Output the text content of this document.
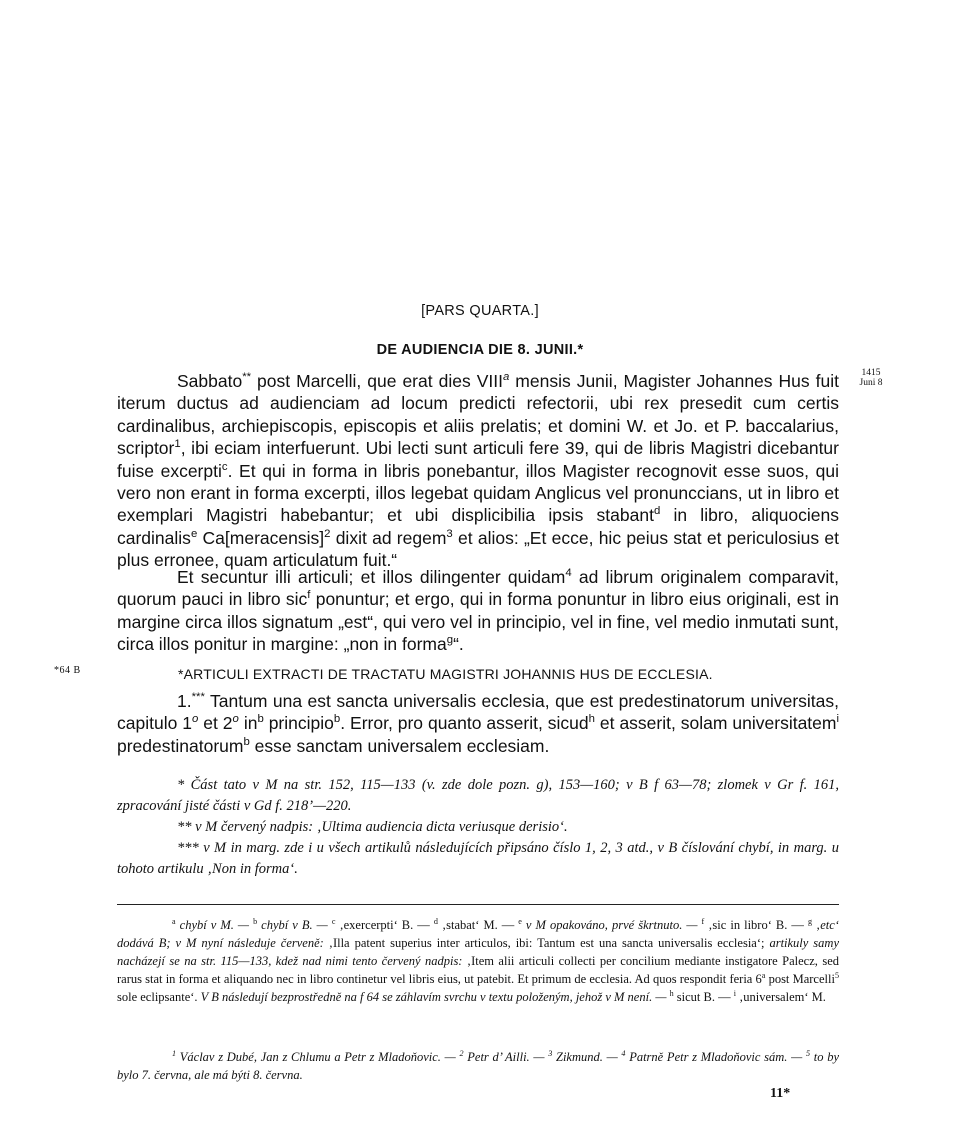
[PARS QUARTA.]
DE AUDIENCIA DIE 8. JUNII.*
1415
Juni 8
*64 B

Sabbato** post Marcelli, que erat dies VIII$^a$ mensis Junii, Magister Johannes Hus fuit iterum ductus ad audienciam ad locum predicti refectorii, ubi rex presedit cum certis cardinalibus, archiepiscopis, episcopis et aliis prelatis; et domini W. et Jo. et P. baccalarius, scriptor$^1$, ibi eciam interfuerunt. Ubi lecti sunt articuli fere 39, qui de libris Magistri dicebantur fuise excerpti$^c$. Et qui in forma in libris ponebantur, illos Magister recognovit esse suos, qui vero non erant in forma excerpti, illos legebat quidam Anglicus vel pronunccians, ut in libro et exemplari Magistri habebantur; et ubi displicibilia ipsis stabant$^d$ in libro, aliquociens cardinalis$^e$ Ca[meracensis]$^2$ dixit ad regem$^3$ et alios: „Et ecce, hic peius stat et periculosius et plus erronee, quam articulatum fuit.“

Et secuntur illi articuli; et illos dilingenter quidam$^4$ ad librum originalem comparavit, quorum pauci in libro sic$^f$ ponuntur; et ergo, qui in forma ponuntur in libro eius originali, est in margine circa illos signatum „est“, qui vero vel in principio, vel in fine, vel medio inmutati sunt, circa illos ponitur in margine: „non in forma$^g$“.

*ARTICULI EXTRACTI DE TRACTATU MAGISTRI JOHANNIS HUS DE ECCLESIA.

1.*** Tantum una est sancta universalis ecclesia, que est predestinatorum universitas, capitulo 1$^o$ et 2$^o$ $in^b$ principio$^b$. Error, pro quanto asserit, sicud$^h$ et asserit, solam universitatem$^i$ predestinatorum$^b$ esse sanctam universalem ecclesiam.

* Část tato v M na str. 152, 115—133 (v. zde dole pozn. g), 153—160; v B f 63—78; zlomek v Gr f. 161, zpracování jisté části v Gd f. 218’—220.

** v M červený nadpis: ‚Ultima audiencia dicta veriusque derisio‘.

*** v M in marg. zde i u všech artikulů následujících připsáno číslo 1, 2, 3 atd., v B číslování chybí, in marg. u tohoto artikulu ‚Non in forma‘.

$^a$ chybí v M. — $^b$ chybí v B. — $^c$ ‚exercerpti‘ B. — $^d$ ‚stabat‘ M. — $^e$ v M opakováno, prvé škrtnuto. — $^f$ ‚sic in libro‘ B. — $^g$ ‚etc‘ dodává B; v M nyní následuje červeně: ‚Illa patent superius inter articulos, ibi: Tantum est una sancta universalis ecclesia‘; artikuly samy nacházejí se na str. 115—133, kdež nad nimi tento červený nadpis: ‚Item alii articuli collecti per concilium mediante instigatore Palecz, sed rarus stat in forma et aliquando nec in libro continetur vel libris eius, ut patebit. Et primum de ecclesia. Ad quos respondit feria 6$^a$ post Marcelli$^5$ sole eclipsante‘. V B následují bezprostředně na f 64 se záhlavím svrchu v textu položeným, jehož v M není. — $^h$ sicut B. — $^i$ ‚universalem‘ M.

$^1$ Václav z Dubé, Jan z Chlumu a Petr z Mladoňovic. — $^2$ Petr d’ Ailli. — $^3$ Zikmund. — $^4$ Patrně Petr z Mladoňovic sám. — $^5$ to by bylo 7. června, ale má býti 8. června.

11*
